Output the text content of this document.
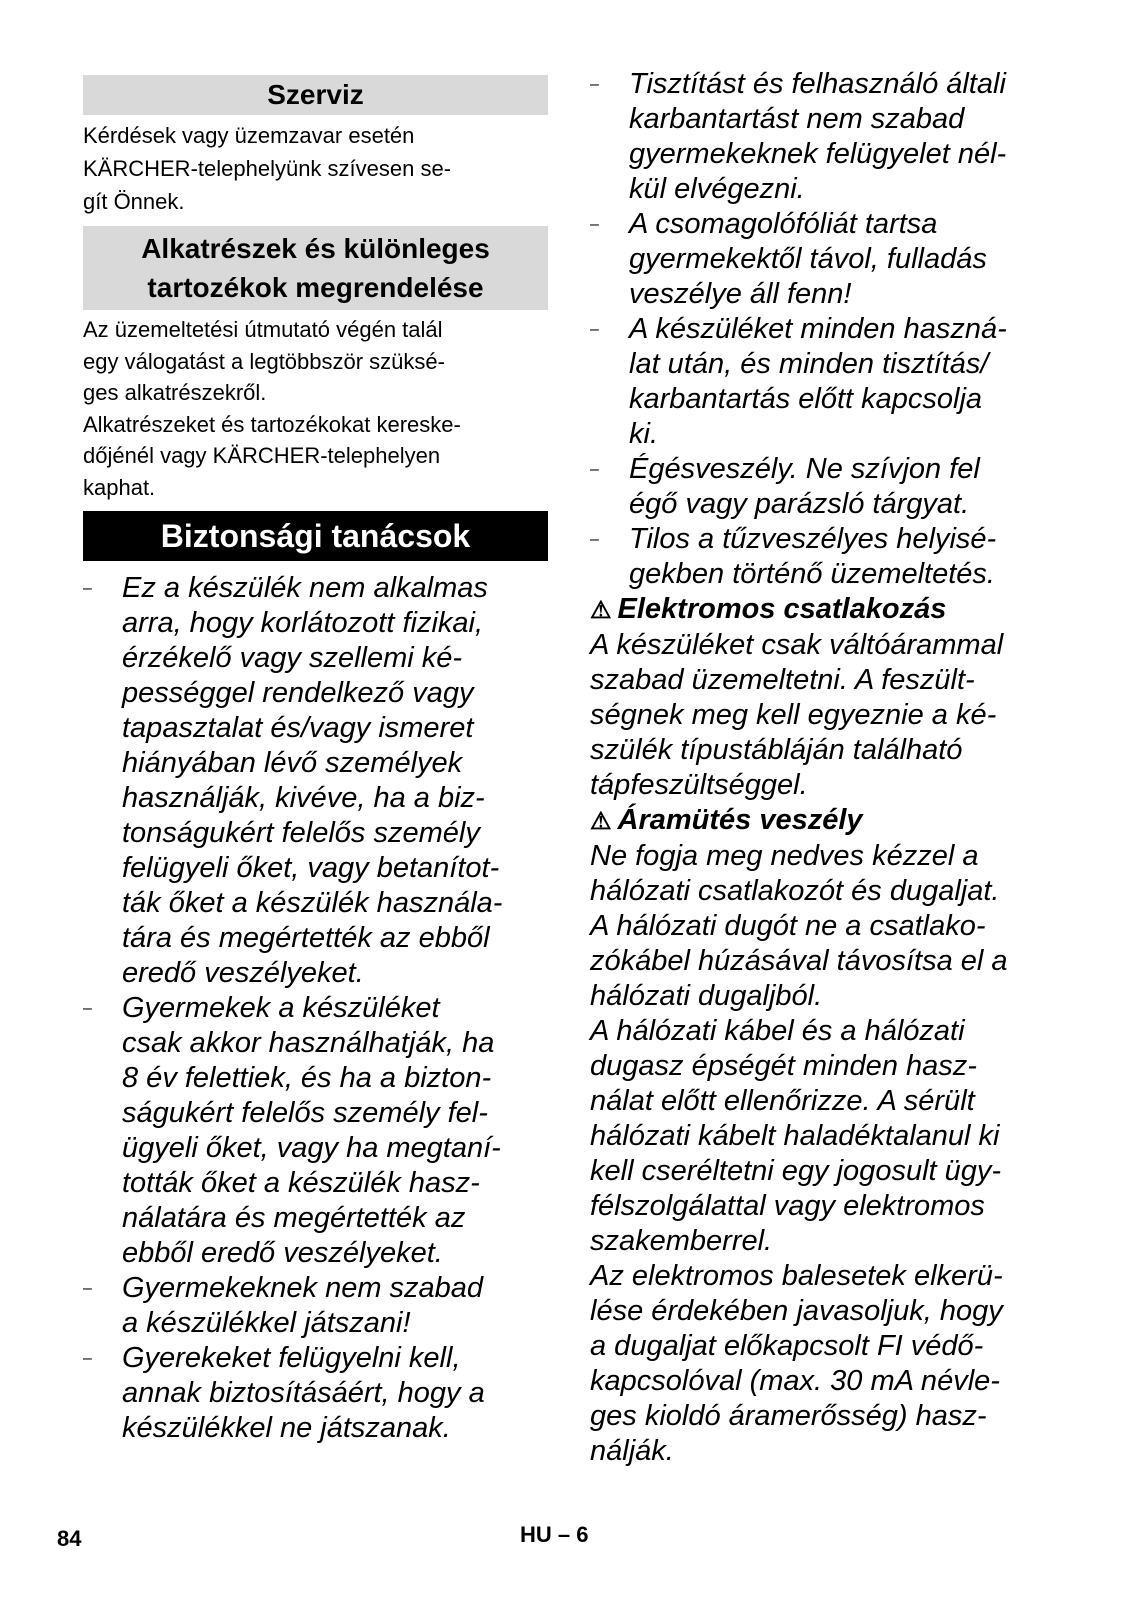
Szerviz

Kérdések vagy üzemzavar esetén
KÄRCHER-telephelyünk szívesen se-
gít Önnek.

Alkatrészek és különleges
tartozékok megrendelése

Az üzemeltetési útmutató végén talál
egy válogatást a legtöbbször szüksé-
ges alkatrészekről.
Alkatrészeket és tartozékokat kereske-
dőjénél vagy KÄRCHER-telephelyen
kaphat.

Biztonsági tanácsok
– Ez a készülék nem alkalmas
arra, hogy korlátozott fizikai,
érzékelő vagy szellemi ké-
pességgel rendelkező vagy
tapasztalat és/vagy ismeret
hiányában lévő személyek
használják, kivéve, ha a biz-
tonságukért felelős személy
felügyeli őket, vagy betanítot-
ták őket a készülék használa-
tára és megértették az ebből
eredő veszélyeket.
– Gyermekek a készüléket
csak akkor használhatják, ha
8 év felettiek, és ha a bizton-
ságukért felelős személy fel-
ügyeli őket, vagy ha megtaní-
tották őket a készülék hasz-
nálatára és megértették az
ebből eredő veszélyeket.
– Gyermekeknek nem szabad
a készülékkel játszani!
– Gyerekeket felügyelni kell,
annak biztosításáért, hogy a
készülékkel ne játszanak.
– Tisztítást és felhasználó általi
karbantartást nem szabad
gyermekeknek felügyelet nél-
kül elvégezni.
– A csomagolófóliát tartsa
gyermekektől távol, fulladás
veszélye áll fenn!
– A készüléket minden haszná-
lat után, és minden tisztítás/
karbantartás előtt kapcsolja
ki.
– Égésveszély. Ne szívjon fel
égő vagy parázsló tárgyat.
– Tilos a tűzveszélyes helyisé-
gekben történő üzemeltetés.
⚠ Elektromos csatlakozás

A készüléket csak váltóárammal
szabad üzemeltetni. A feszült-
ségnek meg kell egyeznie a ké-
szülék típustábláján található
tápfeszültséggel.

⚠ Áramütés veszély

Ne fogja meg nedves kézzel a
hálózati csatlakozót és dugaljat.

A hálózati dugót ne a csatlako-
zókábel húzásával távosítsa el a
hálózati dugaljból.

A hálózati kábel és a hálózati
dugasz épségét minden hasz-
nálat előtt ellenőrizze. A sérült
hálózati kábelt haladéktalanul ki
kell cseréltetni egy jogosult ügy-
félszolgálattal vagy elektromos
szakemberrel.

Az elektromos balesetek elkerü-
lése érdekében javasoljuk, hogy
a dugaljat előkapcsolt FI védő-
kapcsolóval (max. 30 mA névle-
ges kioldó áramerősség) hasz-
nálják.

84	HU – 6
